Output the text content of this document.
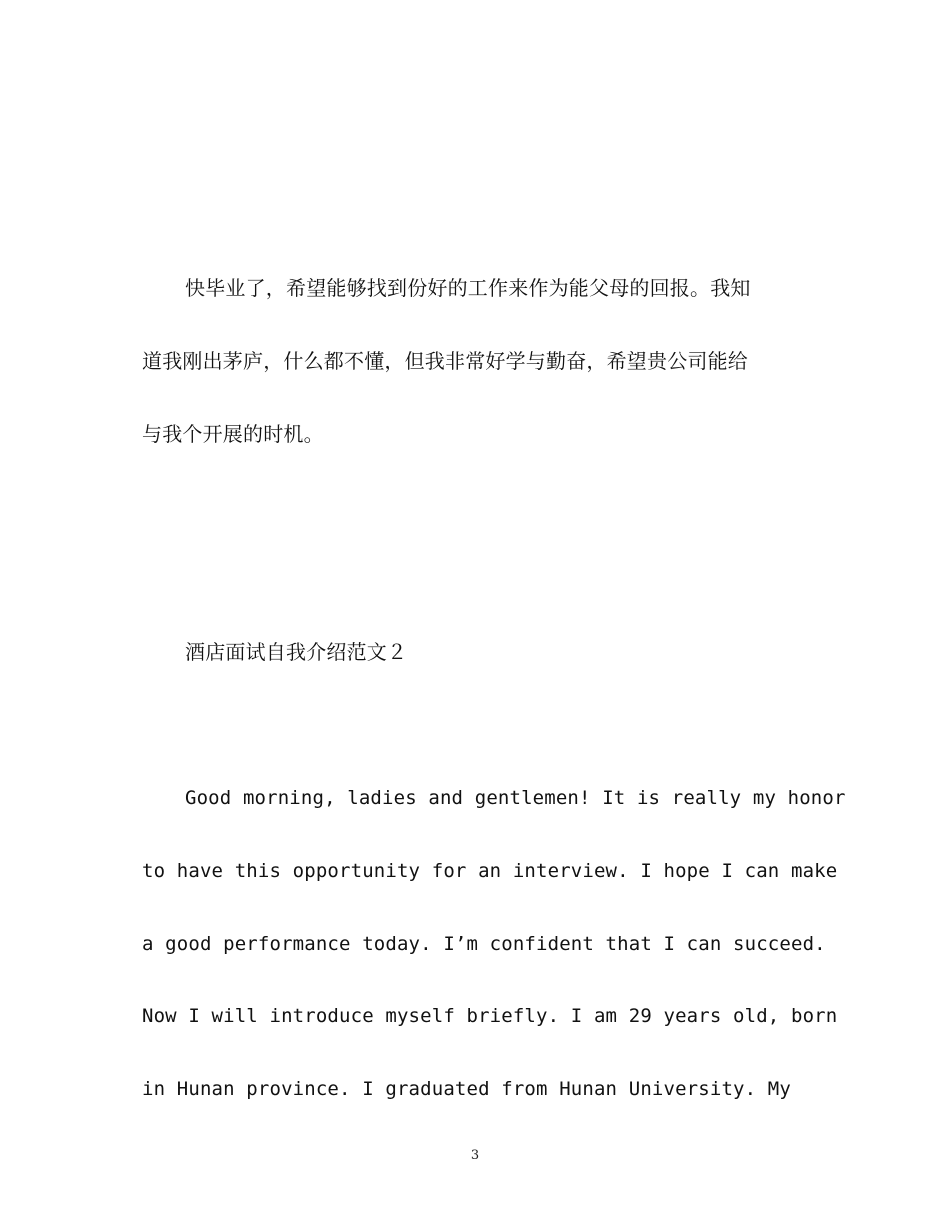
快毕业了，希望能够找到份好的工作来作为能父母的回报。我知
道我刚出茅庐，什么都不懂，但我非常好学与勤奋，希望贵公司能给
与我个开展的时机。
酒店面试自我介绍范文２
Good morning, ladies and gentlemen! It is really my honor
to have this opportunity for an interview. I hope I can make
a good performance today. I’m confident that I can succeed.
Now I will introduce myself briefly. I am 29 years old, born
in Hunan province. I graduated from Hunan University. My
3
